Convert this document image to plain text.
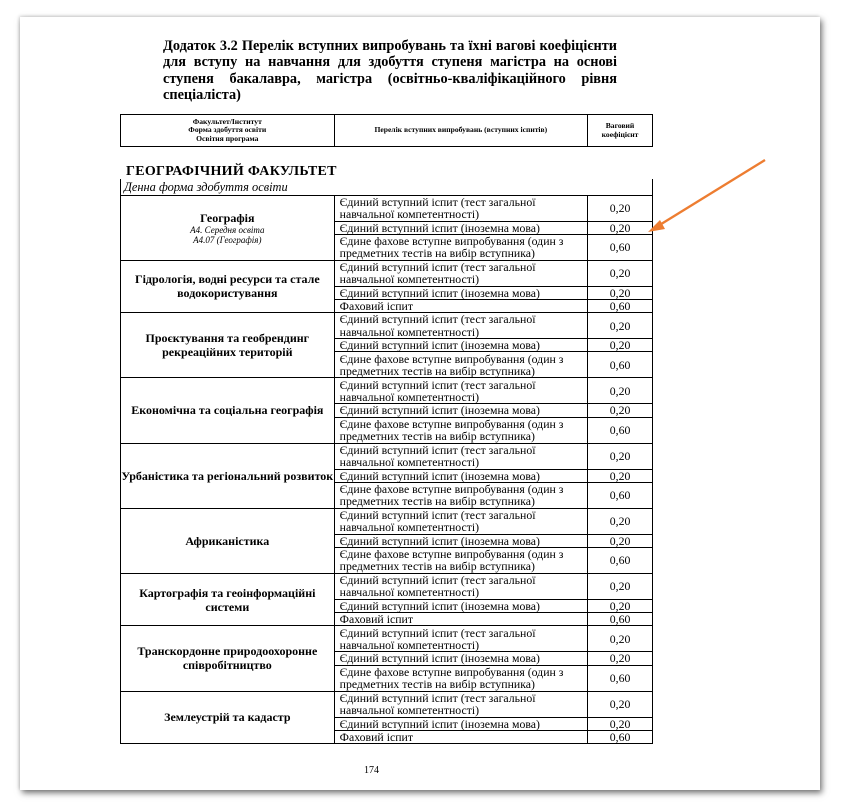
Додаток 3.2 Перелік вступних випробувань та їхні вагові коефіцієнти
для вступу на навчання для здобуття ступеня магістра на основі
ступеня бакалавра, магістра (освітньо-кваліфікаційного рівня
спеціаліста)
Факультет/Інститут
Форма здобуття освіти
Освітня програма	Перелік вступних випробувань (вступних іспитів)	Ваговий
коефіцієнт
ГЕОГРАФІЧНИЙ ФАКУЛЬТЕТ
Денна форма здобуття освіти		

Географія
А4. Середня освіта
А4.07 (Географія)	Єдиний вступний іспит (тест загальної навчальної компетентності)	0,20
	Єдиний вступний іспит (іноземна мова)	0,20
	Єдине фахове вступне випробування (один з предметних тестів на вибір вступника)	0,60

Гідрологія, водні ресурси та стале водокористування	Єдиний вступний іспит (тест загальної навчальної компетентності)	0,20
	Єдиний вступний іспит (іноземна мова)	0,20
	Фаховий іспит	0,60

Проєктування та геобрендинг рекреаційних територій	Єдиний вступний іспит (тест загальної навчальної компетентності)	0,20
	Єдиний вступний іспит (іноземна мова)	0,20
	Єдине фахове вступне випробування (один з предметних тестів на вибір вступника)	0,60

Економічна та соціальна географія	Єдиний вступний іспит (тест загальної навчальної компетентності)	0,20
	Єдиний вступний іспит (іноземна мова)	0,20
	Єдине фахове вступне випробування (один з предметних тестів на вибір вступника)	0,60

Урбаністика та регіональний розвиток	Єдиний вступний іспит (тест загальної навчальної компетентності)	0,20
	Єдиний вступний іспит (іноземна мова)	0,20
	Єдине фахове вступне випробування (один з предметних тестів на вибір вступника)	0,60

Африканістика	Єдиний вступний іспит (тест загальної навчальної компетентності)	0,20
	Єдиний вступний іспит (іноземна мова)	0,20
	Єдине фахове вступне випробування (один з предметних тестів на вибір вступника)	0,60

Картографія та геоінформаційні системи	Єдиний вступний іспит (тест загальної навчальної компетентності)	0,20
	Єдиний вступний іспит (іноземна мова)	0,20
	Фаховий іспит	0,60

Транскордонне природоохоронне співробітництво	Єдиний вступний іспит (тест загальної навчальної компетентності)	0,20
	Єдиний вступний іспит (іноземна мова)	0,20
	Єдине фахове вступне випробування (один з предметних тестів на вибір вступника)	0,60

Землеустрій та кадастр	Єдиний вступний іспит (тест загальної навчальної компетентності)	0,20
	Єдиний вступний іспит (іноземна мова)	0,20
	Фаховий іспит	0,60
174
